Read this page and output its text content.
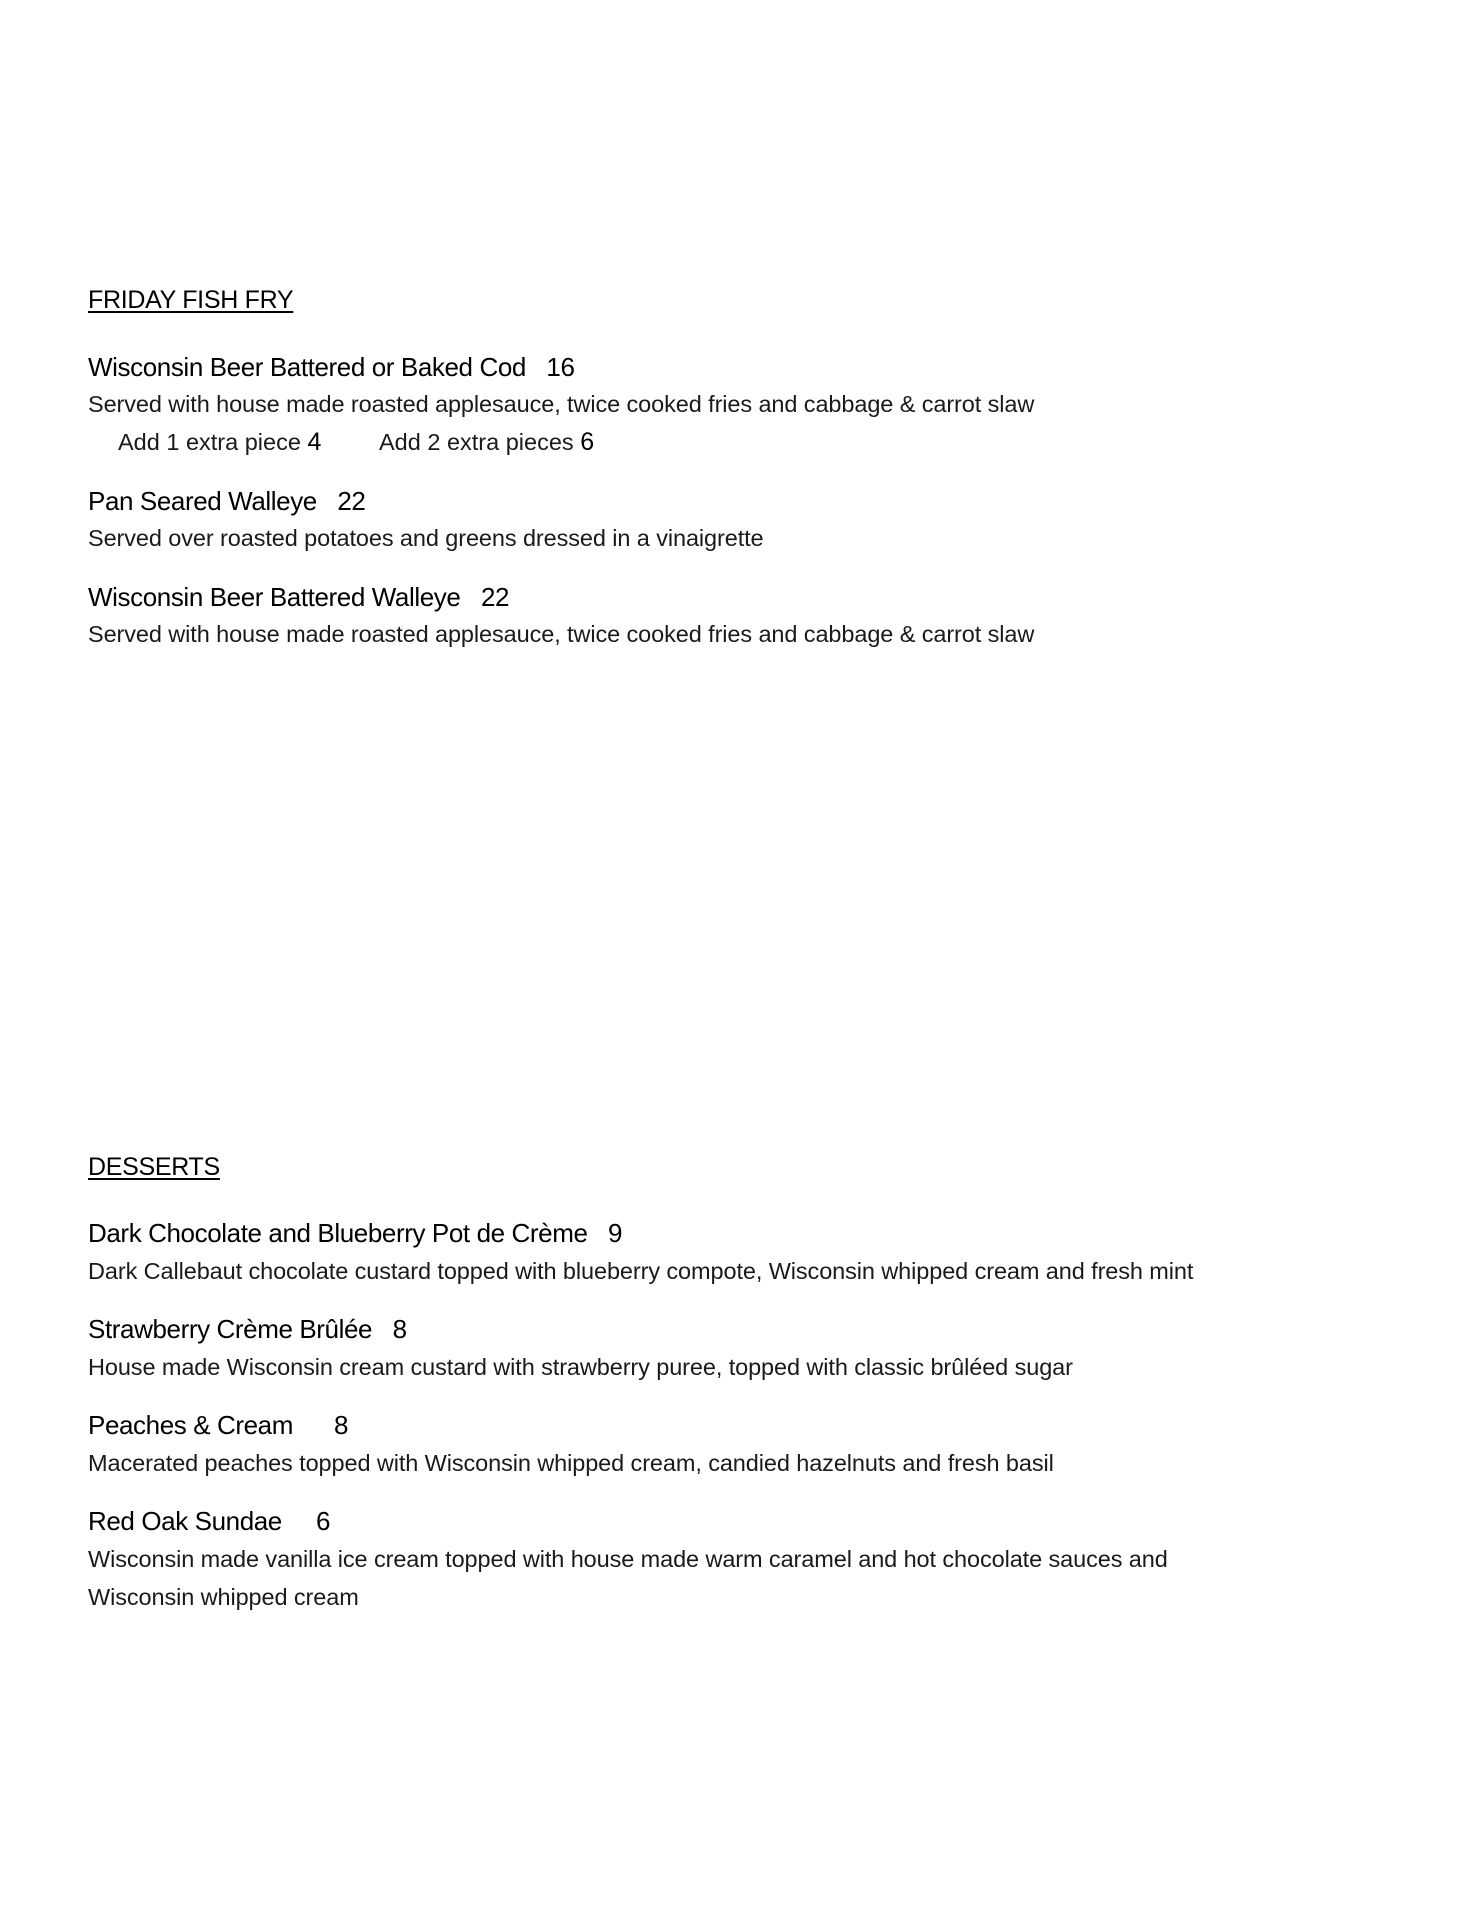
FRIDAY FISH FRY
Wisconsin Beer Battered or Baked Cod 16

Served with house made roasted applesauce, twice cooked fries and cabbage & carrot slaw

Add 1 extra piece 4 Add 2 extra pieces 6
Pan Seared Walleye 22

Served over roasted potatoes and greens dressed in a vinaigrette

Wisconsin Beer Battered Walleye 22

Served with house made roasted applesauce, twice cooked fries and cabbage & carrot slaw

DESSERTS
Dark Chocolate and Blueberry Pot de Crème 9

Dark Callebaut chocolate custard topped with blueberry compote, Wisconsin whipped cream and fresh mint

Strawberry Crème Brûlée 8

House made Wisconsin cream custard with strawberry puree, topped with classic brûléed sugar

Peaches & Cream 8

Macerated peaches topped with Wisconsin whipped cream, candied hazelnuts and fresh basil

Red Oak Sundae 6

Wisconsin made vanilla ice cream topped with house made warm caramel and hot chocolate sauces and

Wisconsin whipped cream
